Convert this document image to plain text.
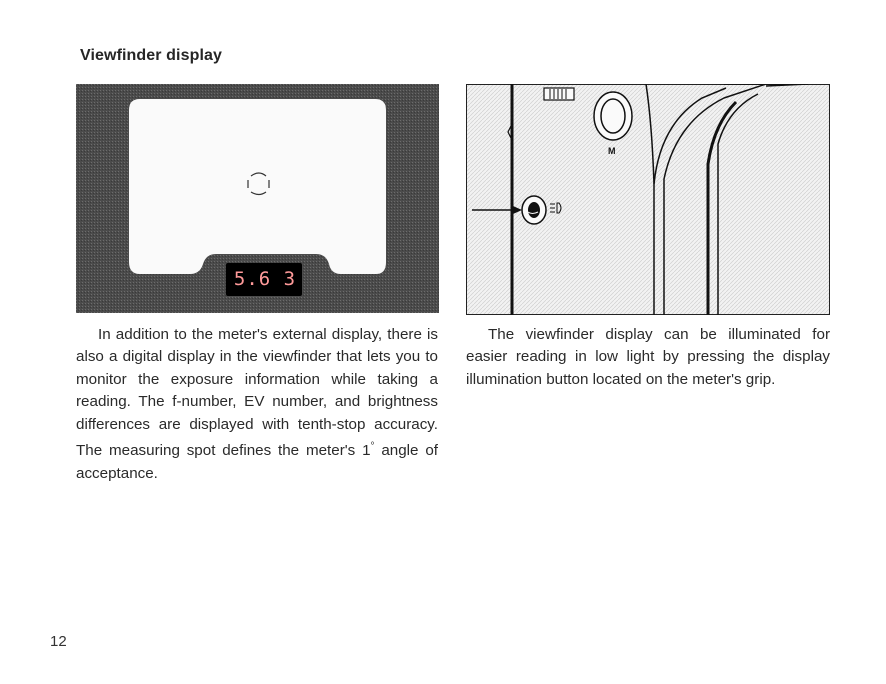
Viewfinder display
5.6 3
M

In addition to the meter's external display, there is also a digital display in the viewfinder that lets you to monitor the exposure information while taking a reading. The f-number, EV number, and brightness differences are displayed with tenth-stop accuracy. The measuring spot defines the meter's 1° angle of acceptance.

The viewfinder display can be illuminated for easier reading in low light by pressing the display illumination button located on the meter's grip.

12
